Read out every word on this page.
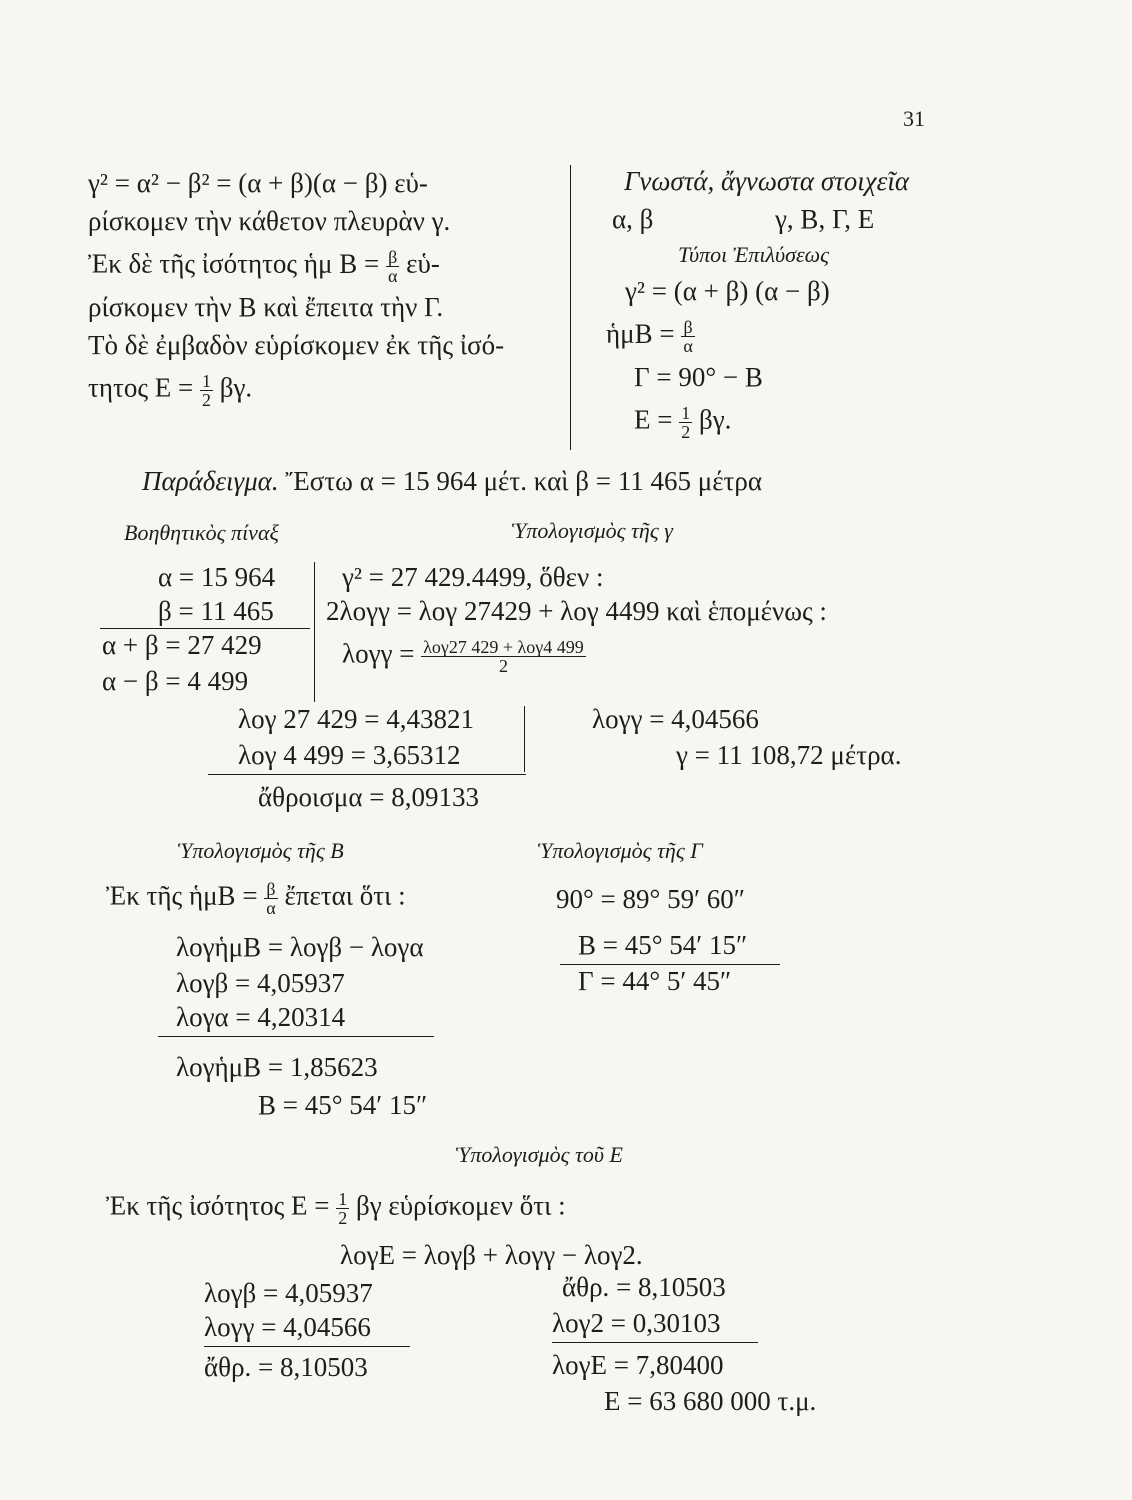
31
γ² = α² − β² = (α + β)(α − β) εὑ-
ρίσκομεν τὴν κάθετον πλευρὰν γ.
Ἐκ δὲ τῆς ἰσότητος ἡμ $B = \frac{\beta}{\alpha}$ εὑ-
ρίσκομεν τὴν Β καὶ ἔπειτα τὴν Γ.
Τὸ δὲ ἐμβαδὸν εὑρίσκομεν ἐκ τῆς ἰσό-
τητος $E = \frac{1}{2} \beta\gamma$.
Γνωστά, ἄγνωστα στοιχεῖα
α, β	γ, Β, Γ, Ε
Τύποι Ἐπιλύσεως
γ² = (α + β) (α − β)
ἡμΒ = $\frac{\beta}{\alpha}$
Γ = 90° − Β
$E = \frac{1}{2} \beta\gamma$.
Παράδειγμα. Ἔστω α = 15 964 μέτ. καὶ β = 11 465 μέτρα
Βοηθητικὸς πίναξ	Ὑπολογισμὸς τῆς γ
α = 15 964
β = 11 465
α + β = 27 429
α − β = 4 499
γ² = 27 429.4499, ὅθεν :
2λογγ = λογ 27429 + λογ 4499 καὶ ἑπομένως :
$\lambda o\gamma\gamma = \frac{\text{λογ27 429 + λογ4 499}}{2}$
λογ 27 429 = 4,43821
λογ 4 499 = 3,65312
ἄθροισμα = 8,09133
λογγ = 4,04566
γ = 11 108,72 μέτρα.
Ὑπολογισμὸς τῆς Β
Ἐκ τῆς ἡμΒ = $\frac{\beta}{\alpha}$ ἔπεται ὅτι :
λογἡμΒ = λογβ − λογα
λογβ = 4,05937
λογα = 4,20314
λογἡμΒ = 1,85623
Β = 45° 54′ 15″
Ὑπολογισμὸς τῆς Γ
90° = 89° 59′ 60″
Β = 45° 54′ 15″
Γ = 44° 5′ 45″
Ὑπολογισμὸς τοῦ Ε
Ἐκ τῆς ἰσότητος $E = \frac{1}{2}$ βγ εὑρίσκομεν ὅτι :
λογΕ = λογβ + λογγ − λογ2.
λογβ = 4,05937
λογγ = 4,04566
ἄθρ. = 8,10503
ἄθρ. = 8,10503
λογ2 = 0,30103
λογΕ = 7,80400
Ε = 63 680 000 τ.μ.
